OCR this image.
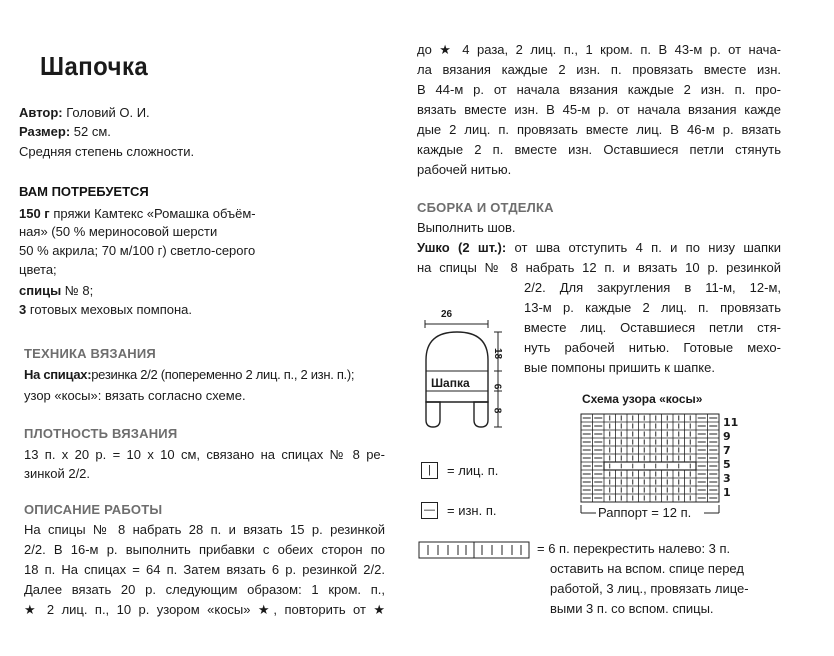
Шапочка
Автор: Головий О. И.
Размер: 52 см.
Средняя степень сложности.
ВАМ ПОТРЕБУЕТСЯ
150 г пряжи Камтекс «Ромашка объём-
ная» (50 % мериносовой шерсти
50 % акрила; 70 м/100 г) светло-серого
цвета;
спицы № 8;
3 готовых меховых помпона.
ТЕХНИКА ВЯЗАНИЯ
На спицах:резинка 2/2 (попеременно 2 лиц. п., 2 изн. п.);
узор «косы»: вязать согласно схеме.
ПЛОТНОСТЬ ВЯЗАНИЯ
13 п. х 20 р. = 10 х 10 см, связано на спицах № 8 ре-
зинкой 2/2.
ОПИСАНИЕ РАБОТЫ
На спицы № 8 набрать 28 п. и вязать 15 р. резинкой
2/2. В 16-м р. выполнить прибавки с обеих сторон по
18 п. На спицах = 64 п. Затем вязать 6 р. резинкой 2/2.
Далее вязать 20 р. следующим образом: 1 кром. п.,
★ 2 лиц. п., 10 р. узором «косы» ★, повторить от ★
до ★ 4 раза, 2 лиц. п., 1 кром. п. В 43-м р. от нача-
ла вязания каждые 2 изн. п. провязать вместе изн.
В 44-м р. от начала вязания каждые 2 изн. п. про-
вязать вместе изн. В 45-м р. от начала вязания кажде
дые 2 лиц. п. провязать вместе лиц. В 46-м р. вязать
каждые 2 п. вместе изн. Оставшиеся петли стянуть
рабочей нитью.
СБОРКА И ОТДЕЛКА
Выполнить шов.
Ушко (2 шт.): от шва отступить 4 п. и по низу шапки
на спицы № 8 набрать 12 п. и вязать 10 р. резинкой
2/2. Для закругления в 11-м, 12-м,
13-м р. каждые 2 лиц. п. провязать
вместе лиц. Оставшиеся петли стя-
нуть рабочей нитью. Готовые мехо-
вые помпоны пришить к шапке.
26
18
6
8
Шапка
|	= лиц. п.
— = изн. п.
= 6 п. перекрестить налево: 3 п.
оставить на вспом. спице перед
работой, 3 лиц., провязать лице-
выми 3 п. со вспом. спицы.
Схема узора «косы»
11
9
7
5
3
1
Раппорт = 12 п.
